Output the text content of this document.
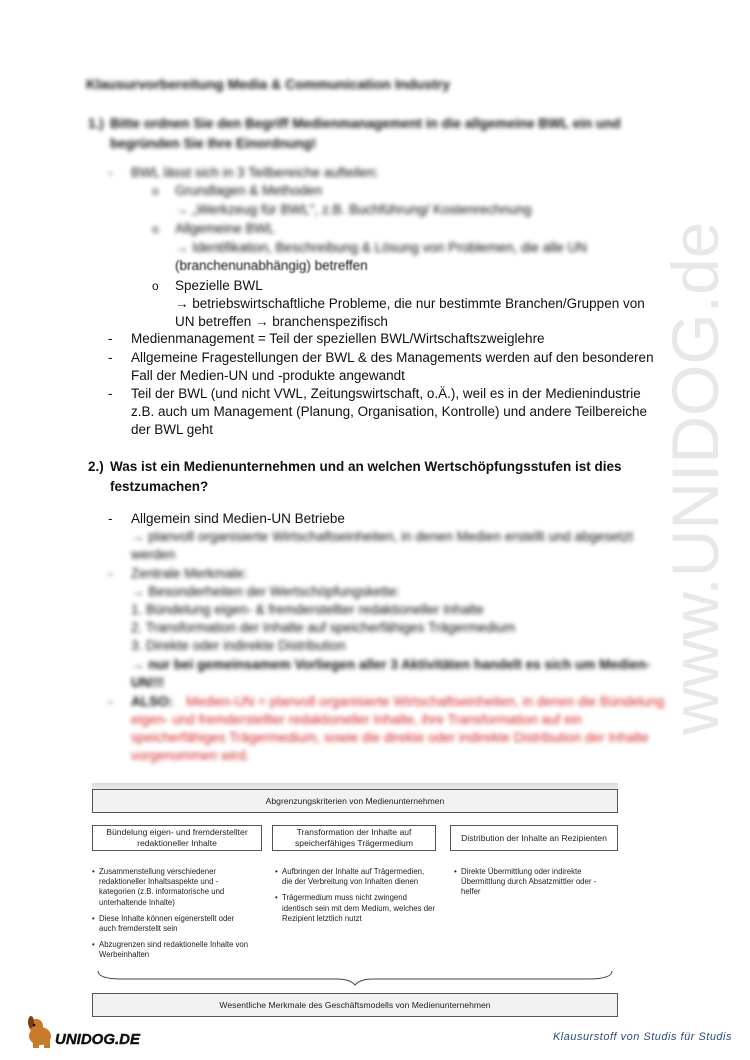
www.UNIDOG.de
Klausurvorbereitung Media & Communication Industry
1.) Bitte ordnen Sie den Begriff Medienmanagement in die allgemeine BWL ein und begründen Sie Ihre Einordnung!
- BWL lässt sich in 3 Teilbereiche aufteilen:
o Grundlagen & Methoden
→ „Werkzeug für BWL", z.B. Buchführung/ Kostenrechnung
o Allgemeine BWL
→ Identifikation, Beschreibung & Lösung von Problemen, die alle UN
(branchenunabhängig) betreffen
o Spezielle BWL
→ betriebswirtschaftliche Probleme, die nur bestimmte Branchen/Gruppen von
UN betreffen → branchenspezifisch
- Medienmanagement = Teil der speziellen BWL/Wirtschaftszweiglehre
- Allgemeine Fragestellungen der BWL & des Managements werden auf den besonderen
Fall der Medien-UN und -produkte angewandt
- Teil der BWL (und nicht VWL, Zeitungswirtschaft, o.Ä.), weil es in der Medienindustrie
z.B. auch um Management (Planung, Organisation, Kontrolle) und andere Teilbereiche
der BWL geht
2.) Was ist ein Medienunternehmen und an welchen Wertschöpfungsstufen ist dies festzumachen?
- Allgemein sind Medien-UN Betriebe
→ planvoll organisierte Wirtschaftseinheiten, in denen Medien erstellt und abgesetzt
werden
- Zentrale Merkmale:
→ Besonderheiten der Wertschöpfungskette:
1. Bündelung eigen- & fremderstellter redaktioneller Inhalte
2. Transformation der Inhalte auf speicherfähiges Trägermedium
3. Direkte oder indirekte Distribution
→ nur bei gemeinsamem Vorliegen aller 3 Aktivitäten handelt es sich um Medien-
UN!!!
- ALSO: Medien-UN = planvoll organisierte Wirtschaftseinheiten, in denen die Bündelung
eigen- und fremderstellter redaktioneller Inhalte, ihre Transformation auf ein
speicherfähiges Trägermedium, sowie die direkte oder indirekte Distribution der Inhalte
vorgenommen wird.
Abgrenzungskriterien von Medienunternehmen
Bündelung eigen- und fremderstellter redaktioneller Inhalte
Transformation der Inhalte auf speicherfähiges Trägermedium
Distribution der Inhalte an Rezipienten
• Zusammenstellung verschiedener redaktioneller Inhaltsaspekte und -kategorien (z.B. informatorische und unterhaltende Inhalte)
• Diese Inhalte können eigenerstellt oder auch fremderstellt sein
• Abzugrenzen sind redaktionelle Inhalte von Werbeinhalten
• Aufbringen der Inhalte auf Trägermedien, die der Verbreitung von Inhalten dienen
• Trägermedium muss nicht zwingend identisch sein mit dem Medium, welches der Rezipient letztlich nutzt
• Direkte Übermittlung oder indirekte Übermittlung durch Absatzmittler oder -helfer
Wesentliche Merkmale des Geschäftsmodells von Medienunternehmen
UNIDOG.DE	Klausurstoff von Studis für Studis
